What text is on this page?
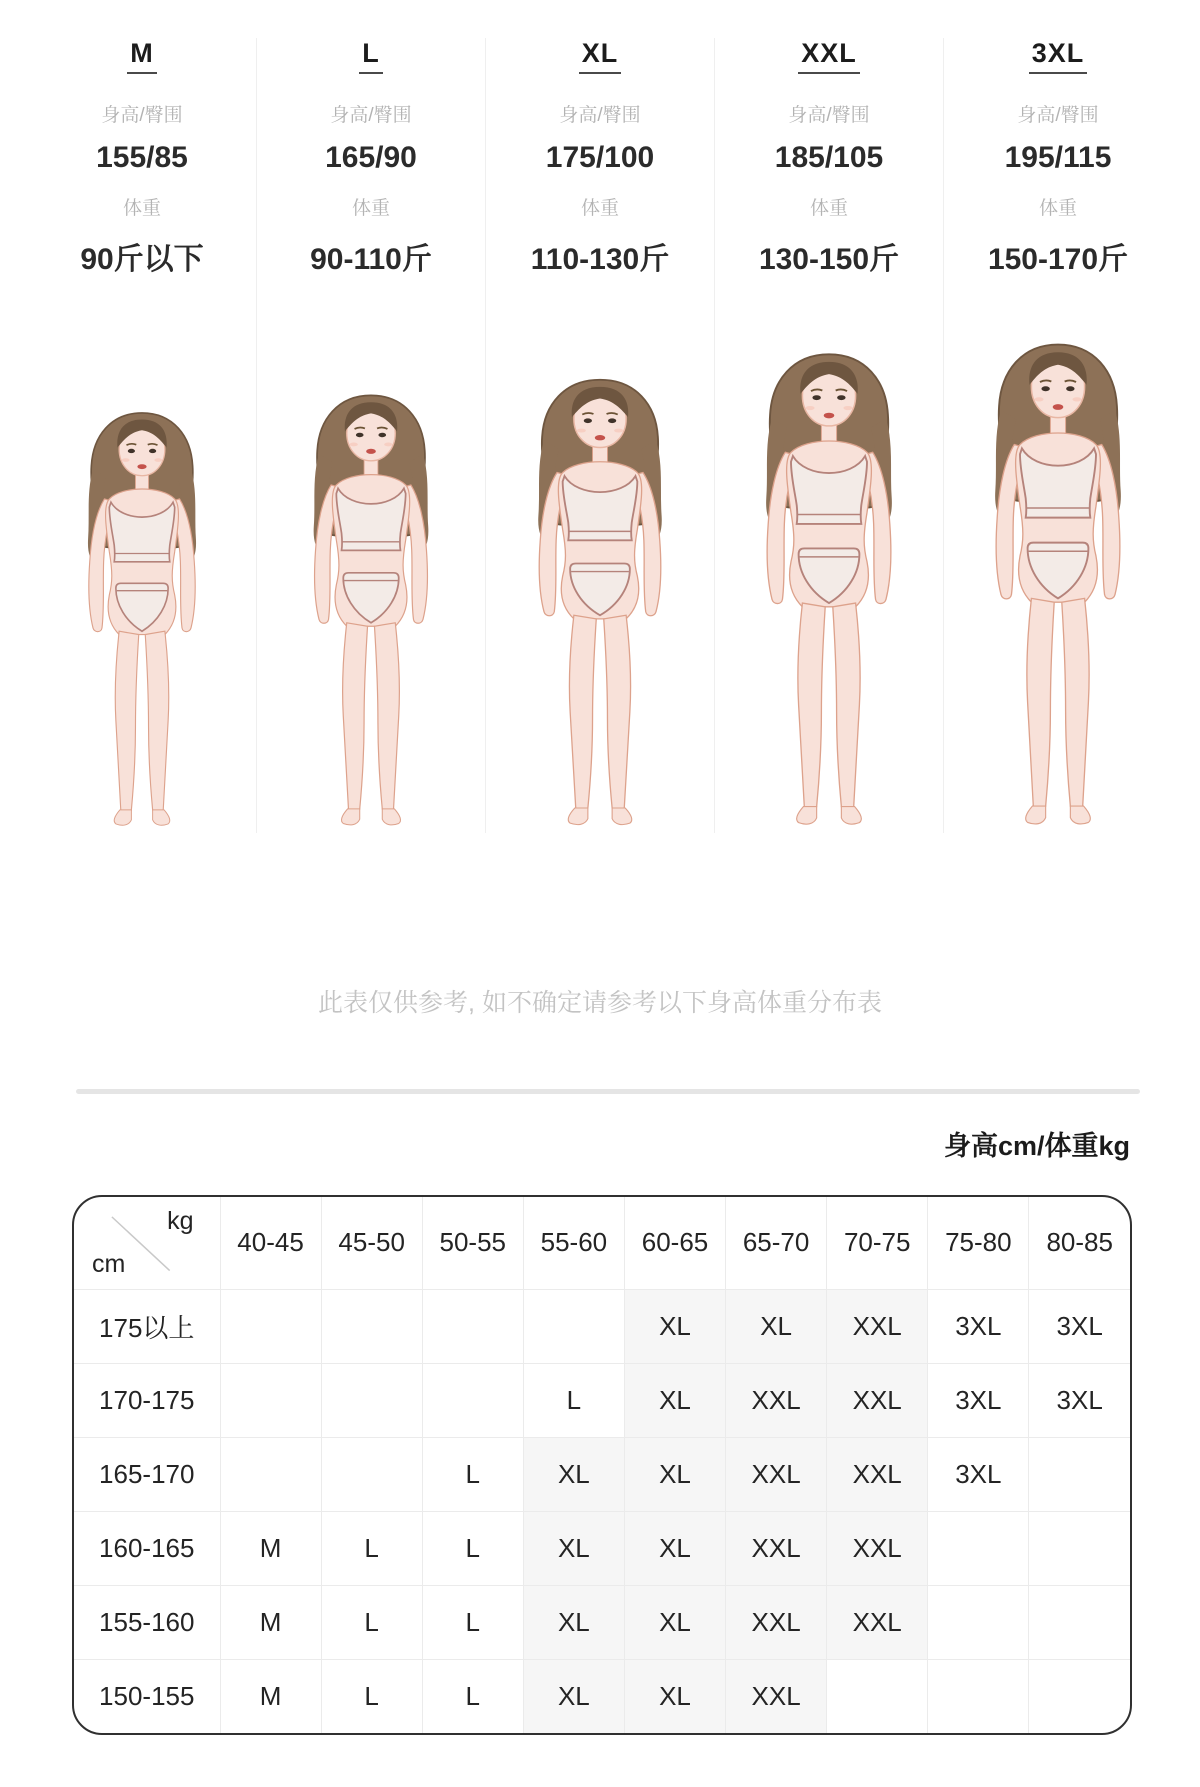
M
身高/臀围
155/85
体重
90斤以下
L
身高/臀围
165/90
体重
90-110斤
XL
身高/臀围
175/100
体重
110-130斤
XXL
身高/臀围
185/105
体重
130-150斤
3XL
身高/臀围
195/115
体重
150-170斤
此表仅供参考, 如不确定请参考以下身高体重分布表
身高cm/体重kg
kg
cm	40-45	45-50	50-55	55-60	60-65	65-70	70-75	75-80	80-85
175以上					XL	XL	XXL	3XL	3XL
170-175				L	XL	XXL	XXL	3XL	3XL
165-170			L	XL	XL	XXL	XXL	3XL	
160-165	M	L	L	XL	XL	XXL	XXL		
155-160	M	L	L	XL	XL	XXL	XXL		
150-155	M	L	L	XL	XL	XXL			
